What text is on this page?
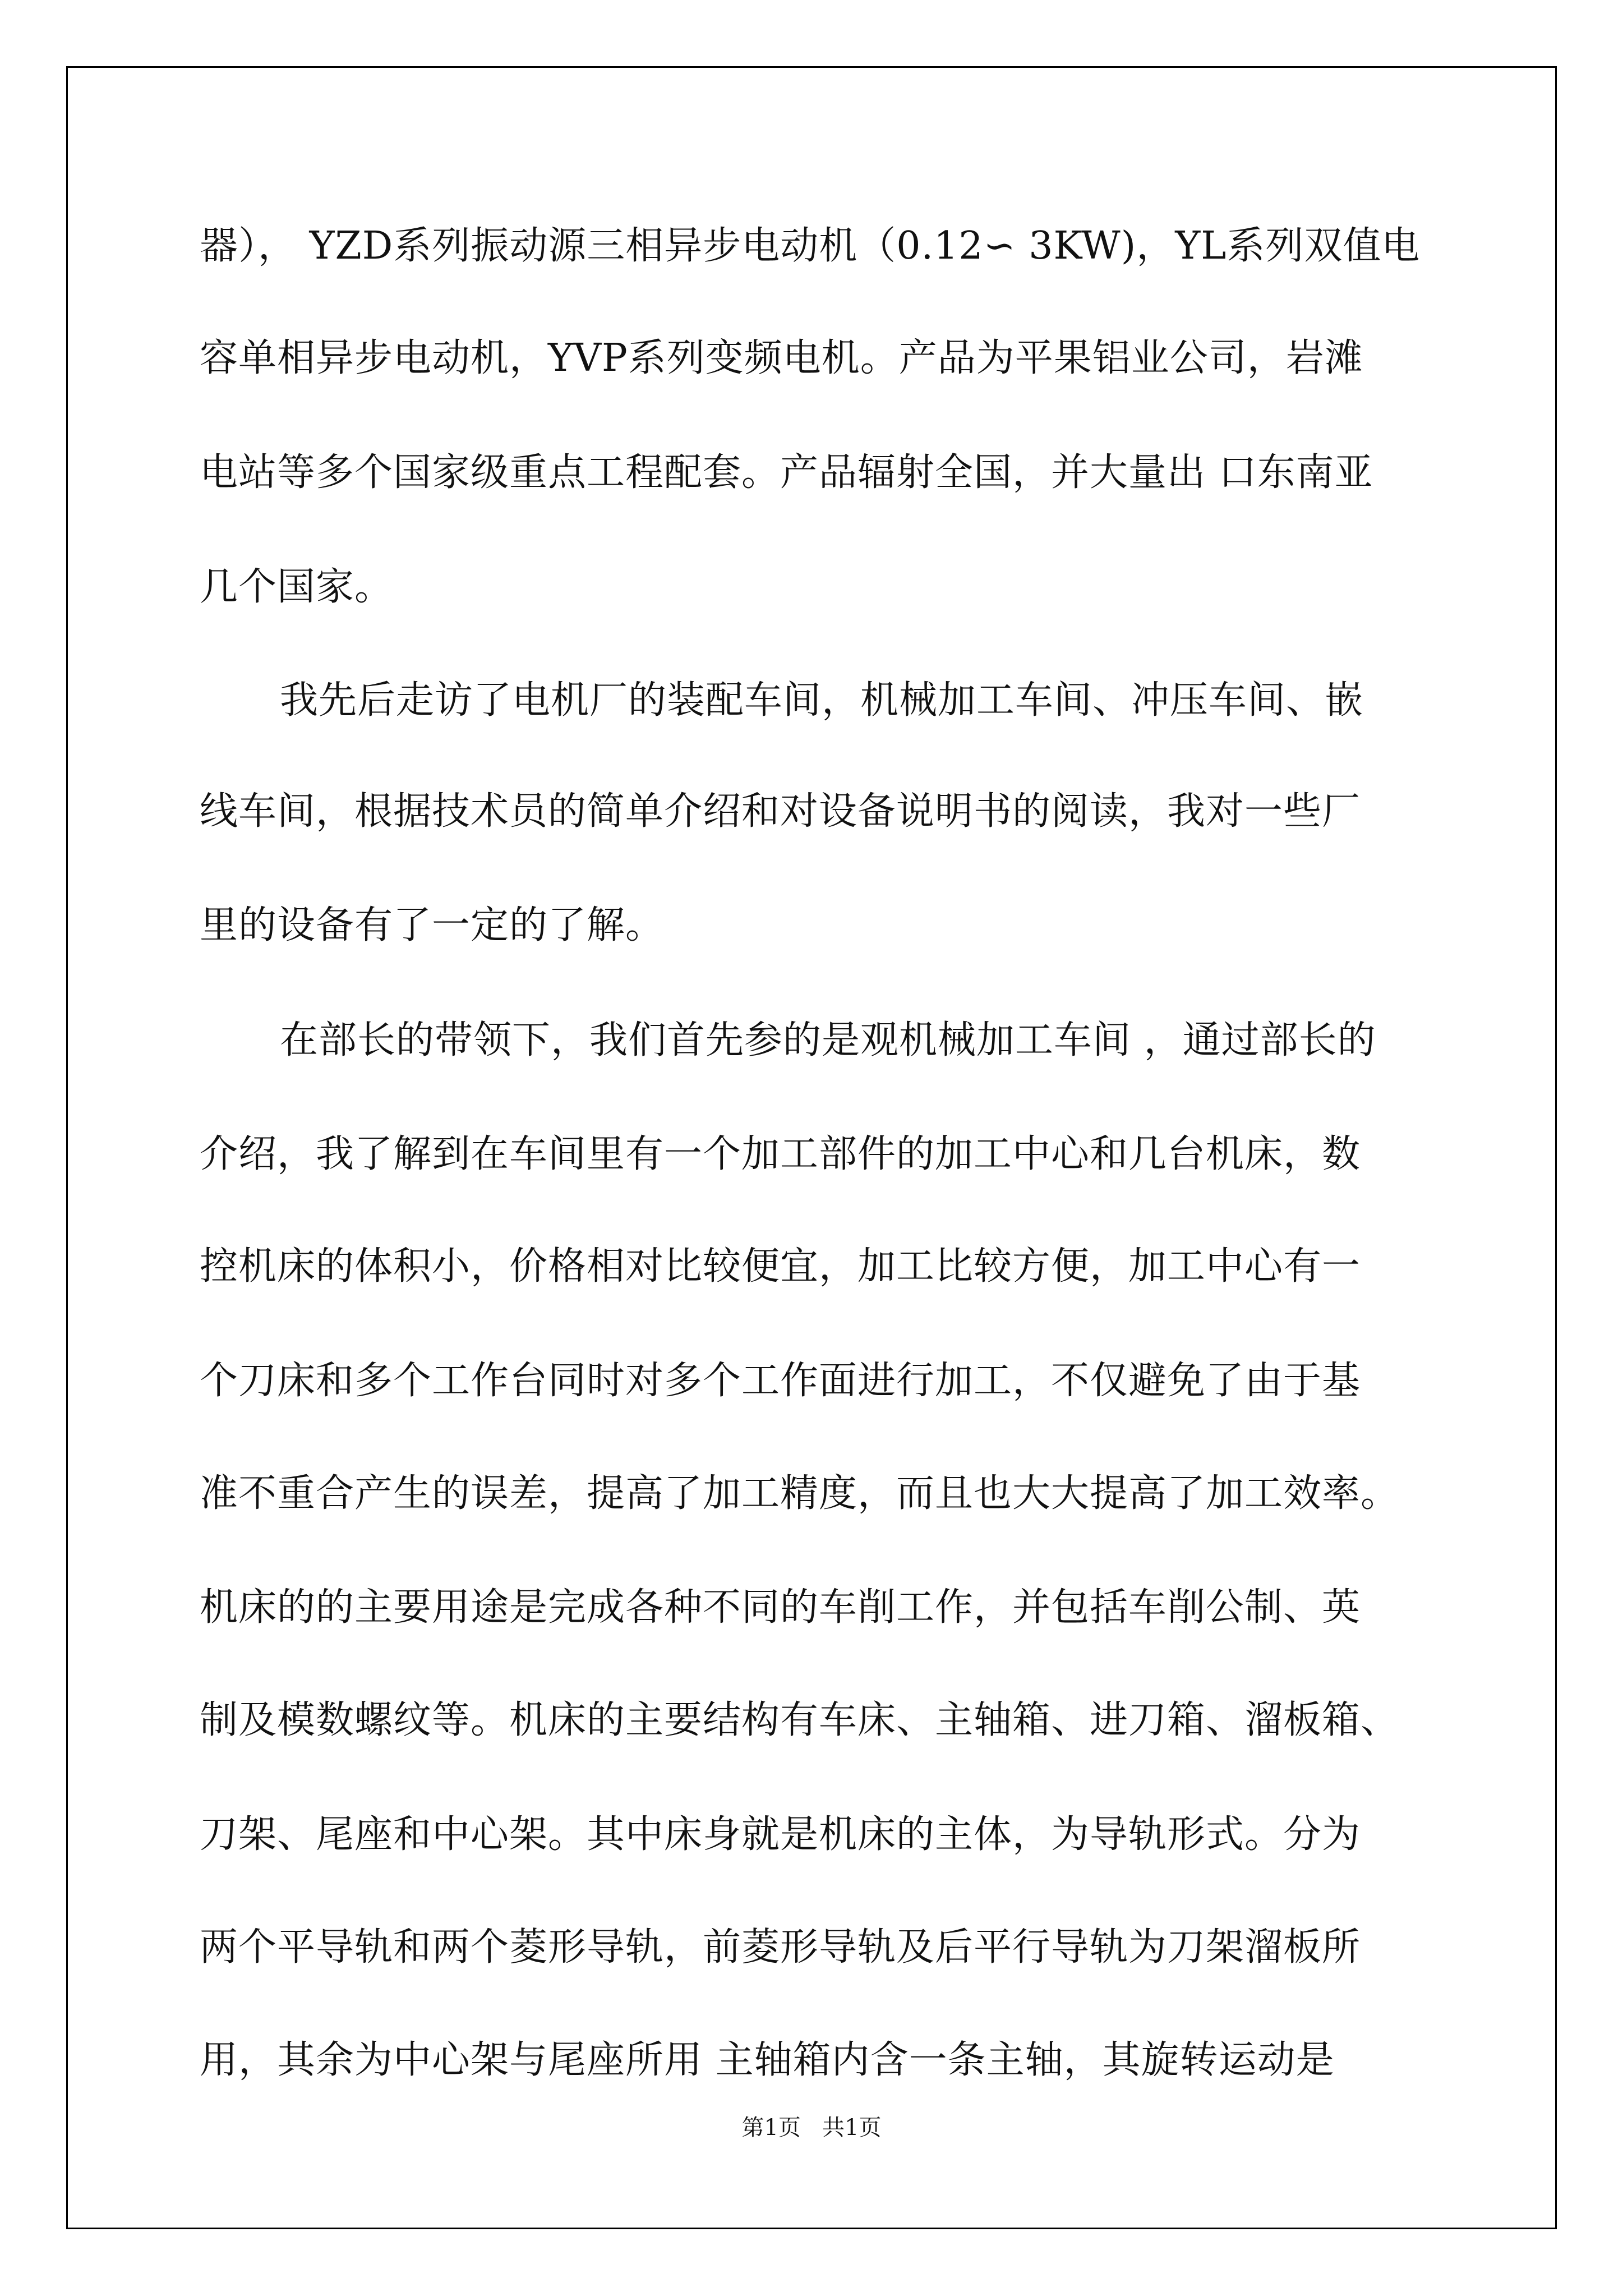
器）， YZD系列振动源三相异步电动机（0.12∽ 3KW)，YL系列双值电

容单相异步电动机，YVP系列变频电机。产品为平果铝业公司，岩滩

电站等多个国家级重点工程配套。产品辐射全国，并大量出 口东南亚

几个国家。

我先后走访了电机厂的装配车间，机械加工车间、冲压车间、嵌

线车间，根据技术员的简单介绍和对设备说明书的阅读，我对一些厂

里的设备有了一定的了解。

在部长的带领下，我们首先参的是观机械加工车间 ，通过部长的

介绍，我了解到在车间里有一个加工部件的加工中心和几台机床，数

控机床的体积小，价格相对比较便宜，加工比较方便，加工中心有一

个刀床和多个工作台同时对多个工作面进行加工，不仅避免了由于基

准不重合产生的误差，提高了加工精度，而且也大大提高了加工效率。

机床的的主要用途是完成各种不同的车削工作，并包括车削公制、英

制及模数螺纹等。机床的主要结构有车床、主轴箱、进刀箱、溜板箱、

刀架、尾座和中心架。其中床身就是机床的主体，为导轨形式。分为

两个平导轨和两个菱形导轨，前菱形导轨及后平行导轨为刀架溜板所

用，其余为中心架与尾座所用 主轴箱内含一条主轴，其旋转运动是

第1页   共1页
